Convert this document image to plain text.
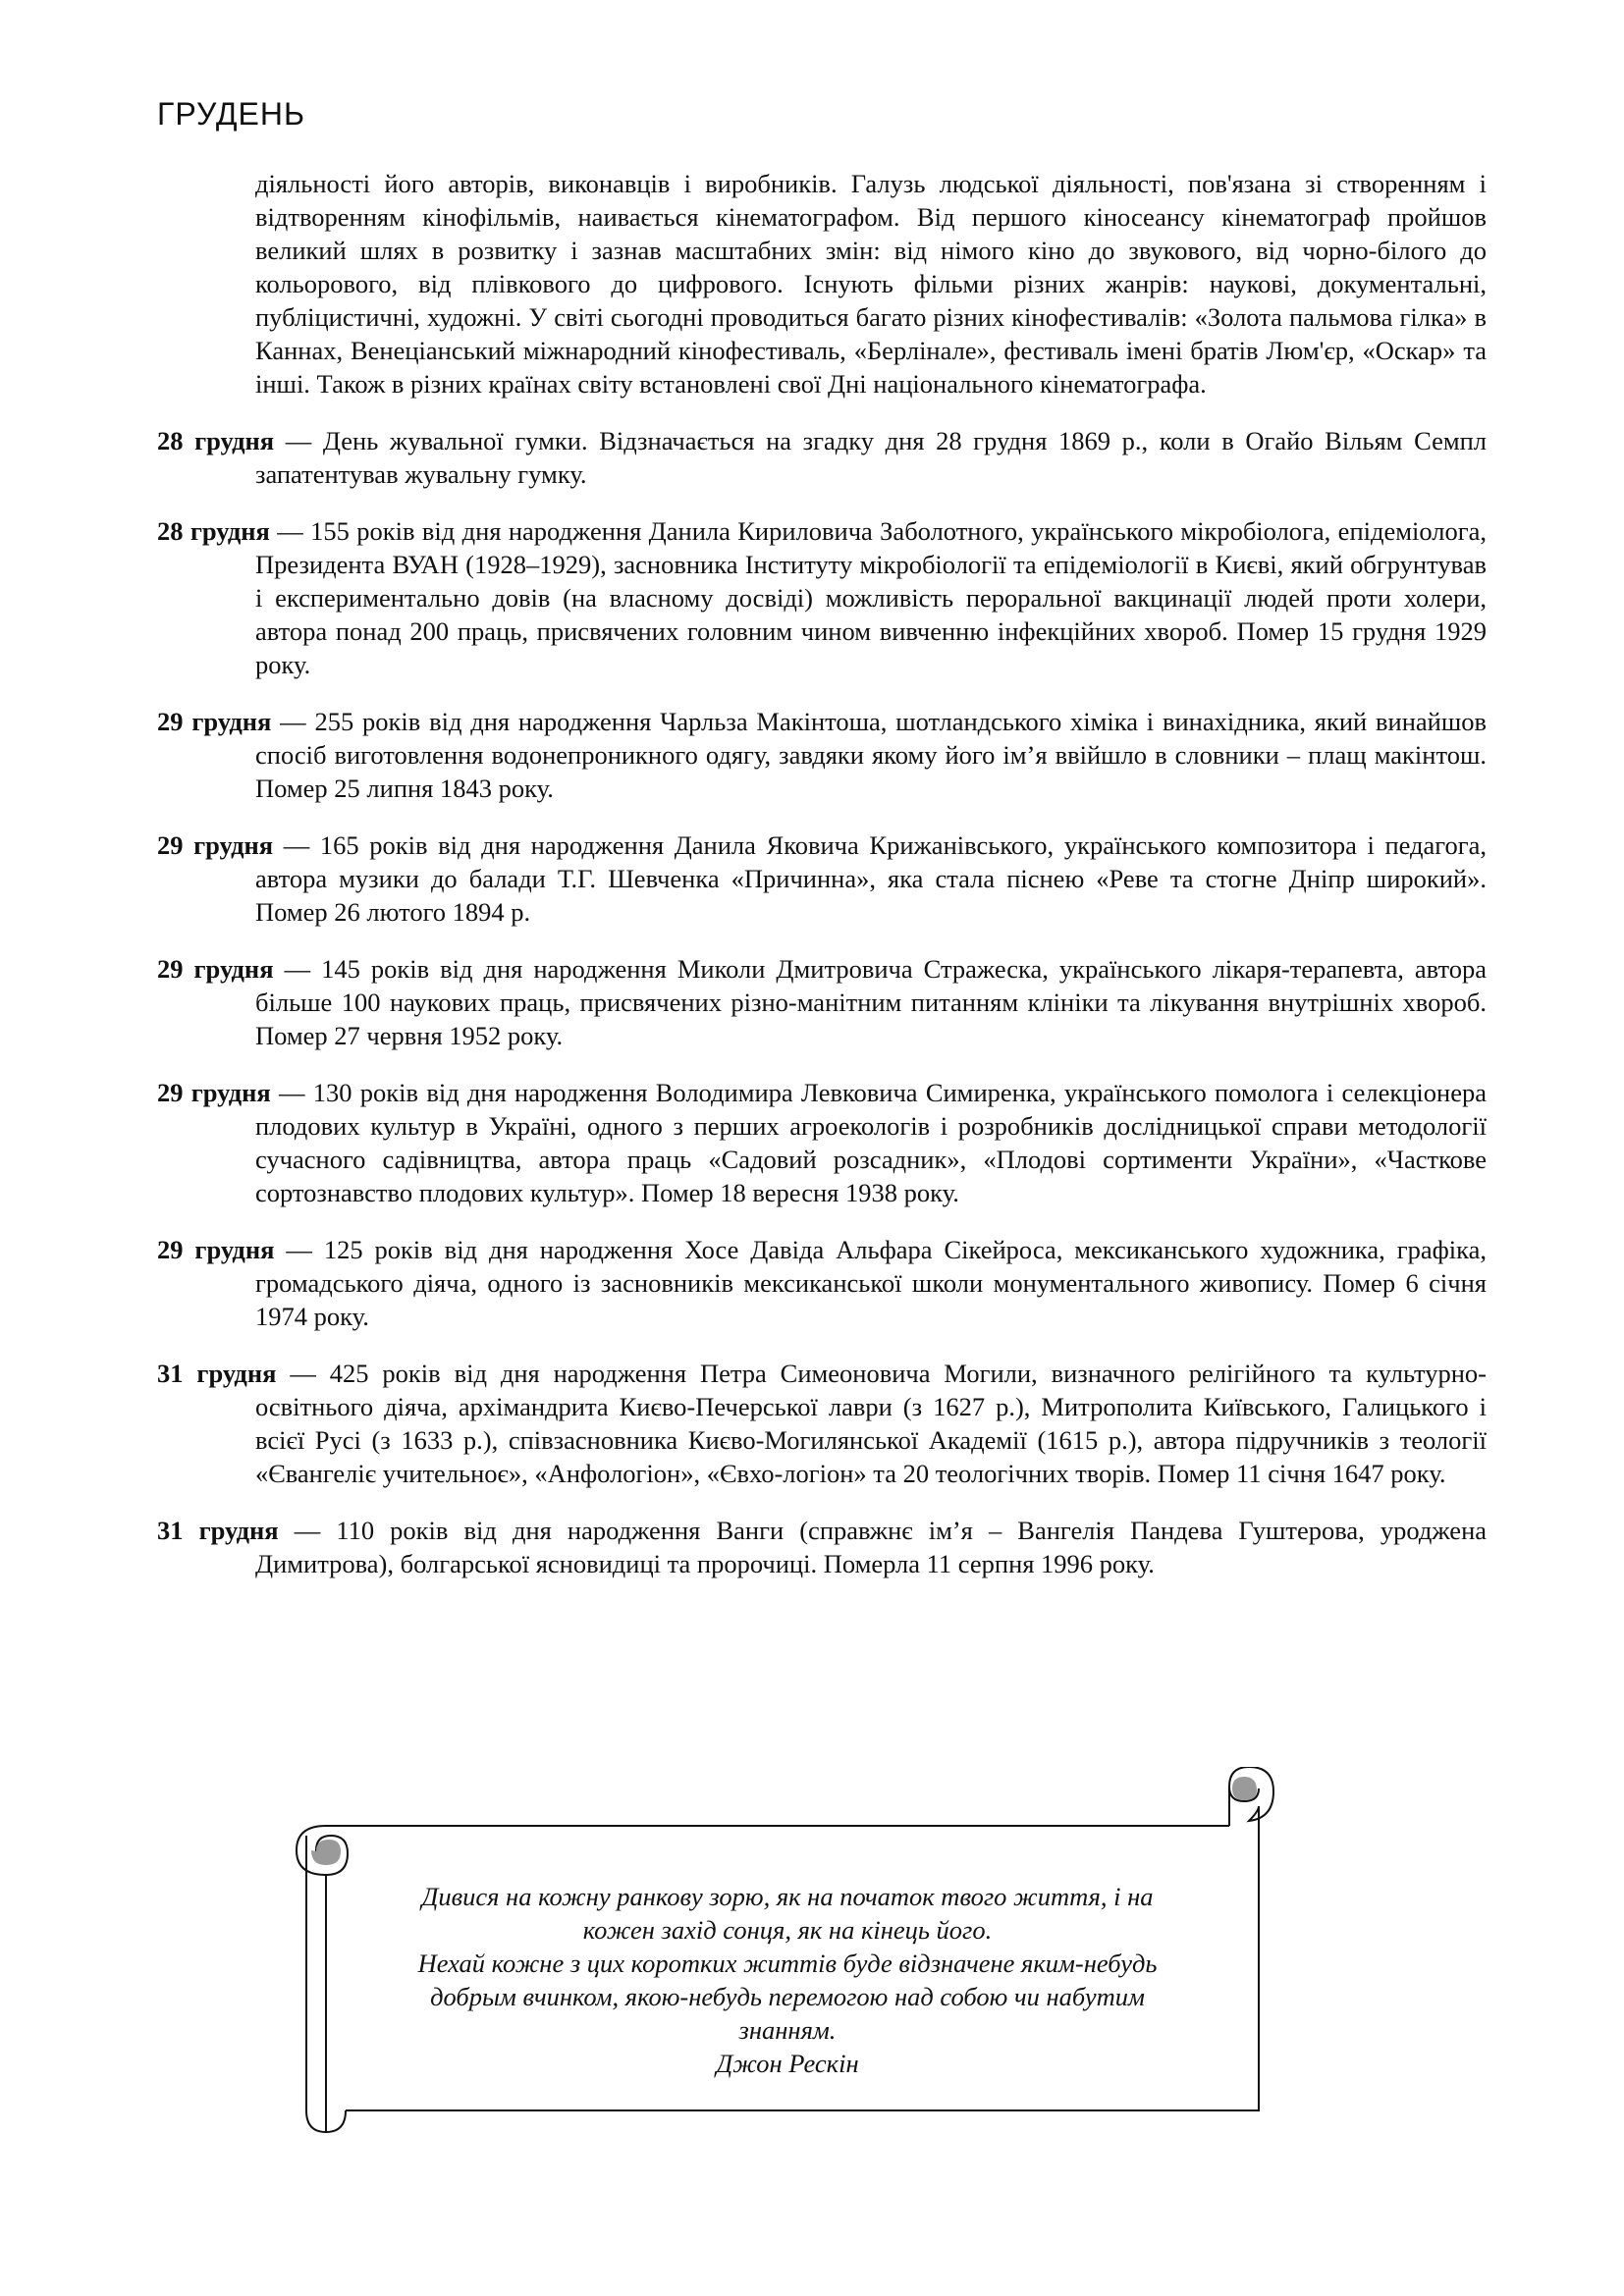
ГРУДЕНЬ

діяльності його авторів, виконавців і виробників. Галузь людської діяльності, пов'язана зі створенням і відтворенням кінофільмів, наивається кінематографом. Від першого кіносеансу кінематограф пройшов великий шлях в розвитку і зазнав масштабних змін: від німого кіно до звукового, від чорно-білого до кольорового, від плівкового до цифрового. Існують фільми різних жанрів: наукові, документальні, публіцистичні, художні. У світі сьогодні проводиться багато різних кінофестивалів: «Золота пальмова гілка» в Каннах, Венеціанський міжнародний кінофестиваль, «Берлінале», фестиваль імені братів Люм'єр, «Оскар» та інші. Також в різних країнах світу встановлені свої Дні національного кінематографа.

28 грудня — День жувальної гумки. Відзначається на згадку дня 28 грудня 1869 р., коли в Огайо Вільям Семпл запатентував жувальну гумку.

28 грудня — 155 років від дня народження Данила Кириловича Заболотного, українського мікробіолога, епідеміолога, Президента ВУАН (1928–1929), засновника Інституту мікробіології та епідеміології в Києві, який обгрунтував і експериментально довів (на власному досвіді) можливість пероральної вакцинації людей проти холери, автора понад 200 праць, присвячених головним чином вивченню інфекційних хвороб. Помер 15 грудня 1929 року.

29 грудня — 255 років від дня народження Чарльза Макінтоша, шотландського хіміка і винахідника, який винайшов спосіб виготовлення водонепроникного одягу, завдяки якому його ім’я ввійшло в словники – плащ макінтош. Помер 25 липня 1843 року.

29 грудня — 165 років від дня народження Данила Яковича Крижанівського, українського композитора і педагога, автора музики до балади Т.Г. Шевченка «Причинна», яка стала піснею «Реве та стогне Дніпр широкий». Помер 26 лютого 1894 р.

29 грудня — 145 років від дня народження Миколи Дмитровича Стражеска, українського лікаря-терапевта, автора більше 100 наукових праць, присвячених різно-манітним питанням клініки та лікування внутрішніх хвороб. Помер 27 червня 1952 року.

29 грудня — 130 років від дня народження Володимира Левковича Симиренка, українського помолога і селекціонера плодових культур в Україні, одного з перших агроекологів і розробників дослідницької справи методології сучасного садівництва, автора праць «Садовий розсадник», «Плодові сортименти України», «Часткове сортознавство плодових культур». Помер 18 вересня 1938 року.

29 грудня — 125 років від дня народження Хосе Давіда Альфара Сікейроса, мексиканського художника, графіка, громадського діяча, одного із засновників мексиканської школи монументального живопису. Помер 6 січня 1974 року.

31 грудня — 425 років від дня народження Петра Симеоновича Могили, визначного релігійного та культурно-освітнього діяча, архімандрита Києво-Печерської лаври (з 1627 р.), Митрополита Київського, Галицького і всієї Русі (з 1633 р.), співзасновника Києво-Могилянської Академії (1615 р.), автора підручників з теології «Євангеліє учительноє», «Анфологіон», «Євхо-логіон» та 20 теологічних творів. Помер 11 січня 1647 року.

31 грудня — 110 років від дня народження Ванги (справжнє ім’я – Вангелія Пандева Гуштерова, уроджена Димитрова), болгарської ясновидиці та пророчиці. Померла 11 серпня 1996 року.

Дивися на кожну ранкову зорю, як на початок твого життя, і на
кожен захід сонця, як на кінець його.
Нехай кожне з цих коротких життів буде відзначене яким-небудь
добрым вчинком, якою-небудь перемогою над собою чи набутим
знанням.
Джон Рескін
